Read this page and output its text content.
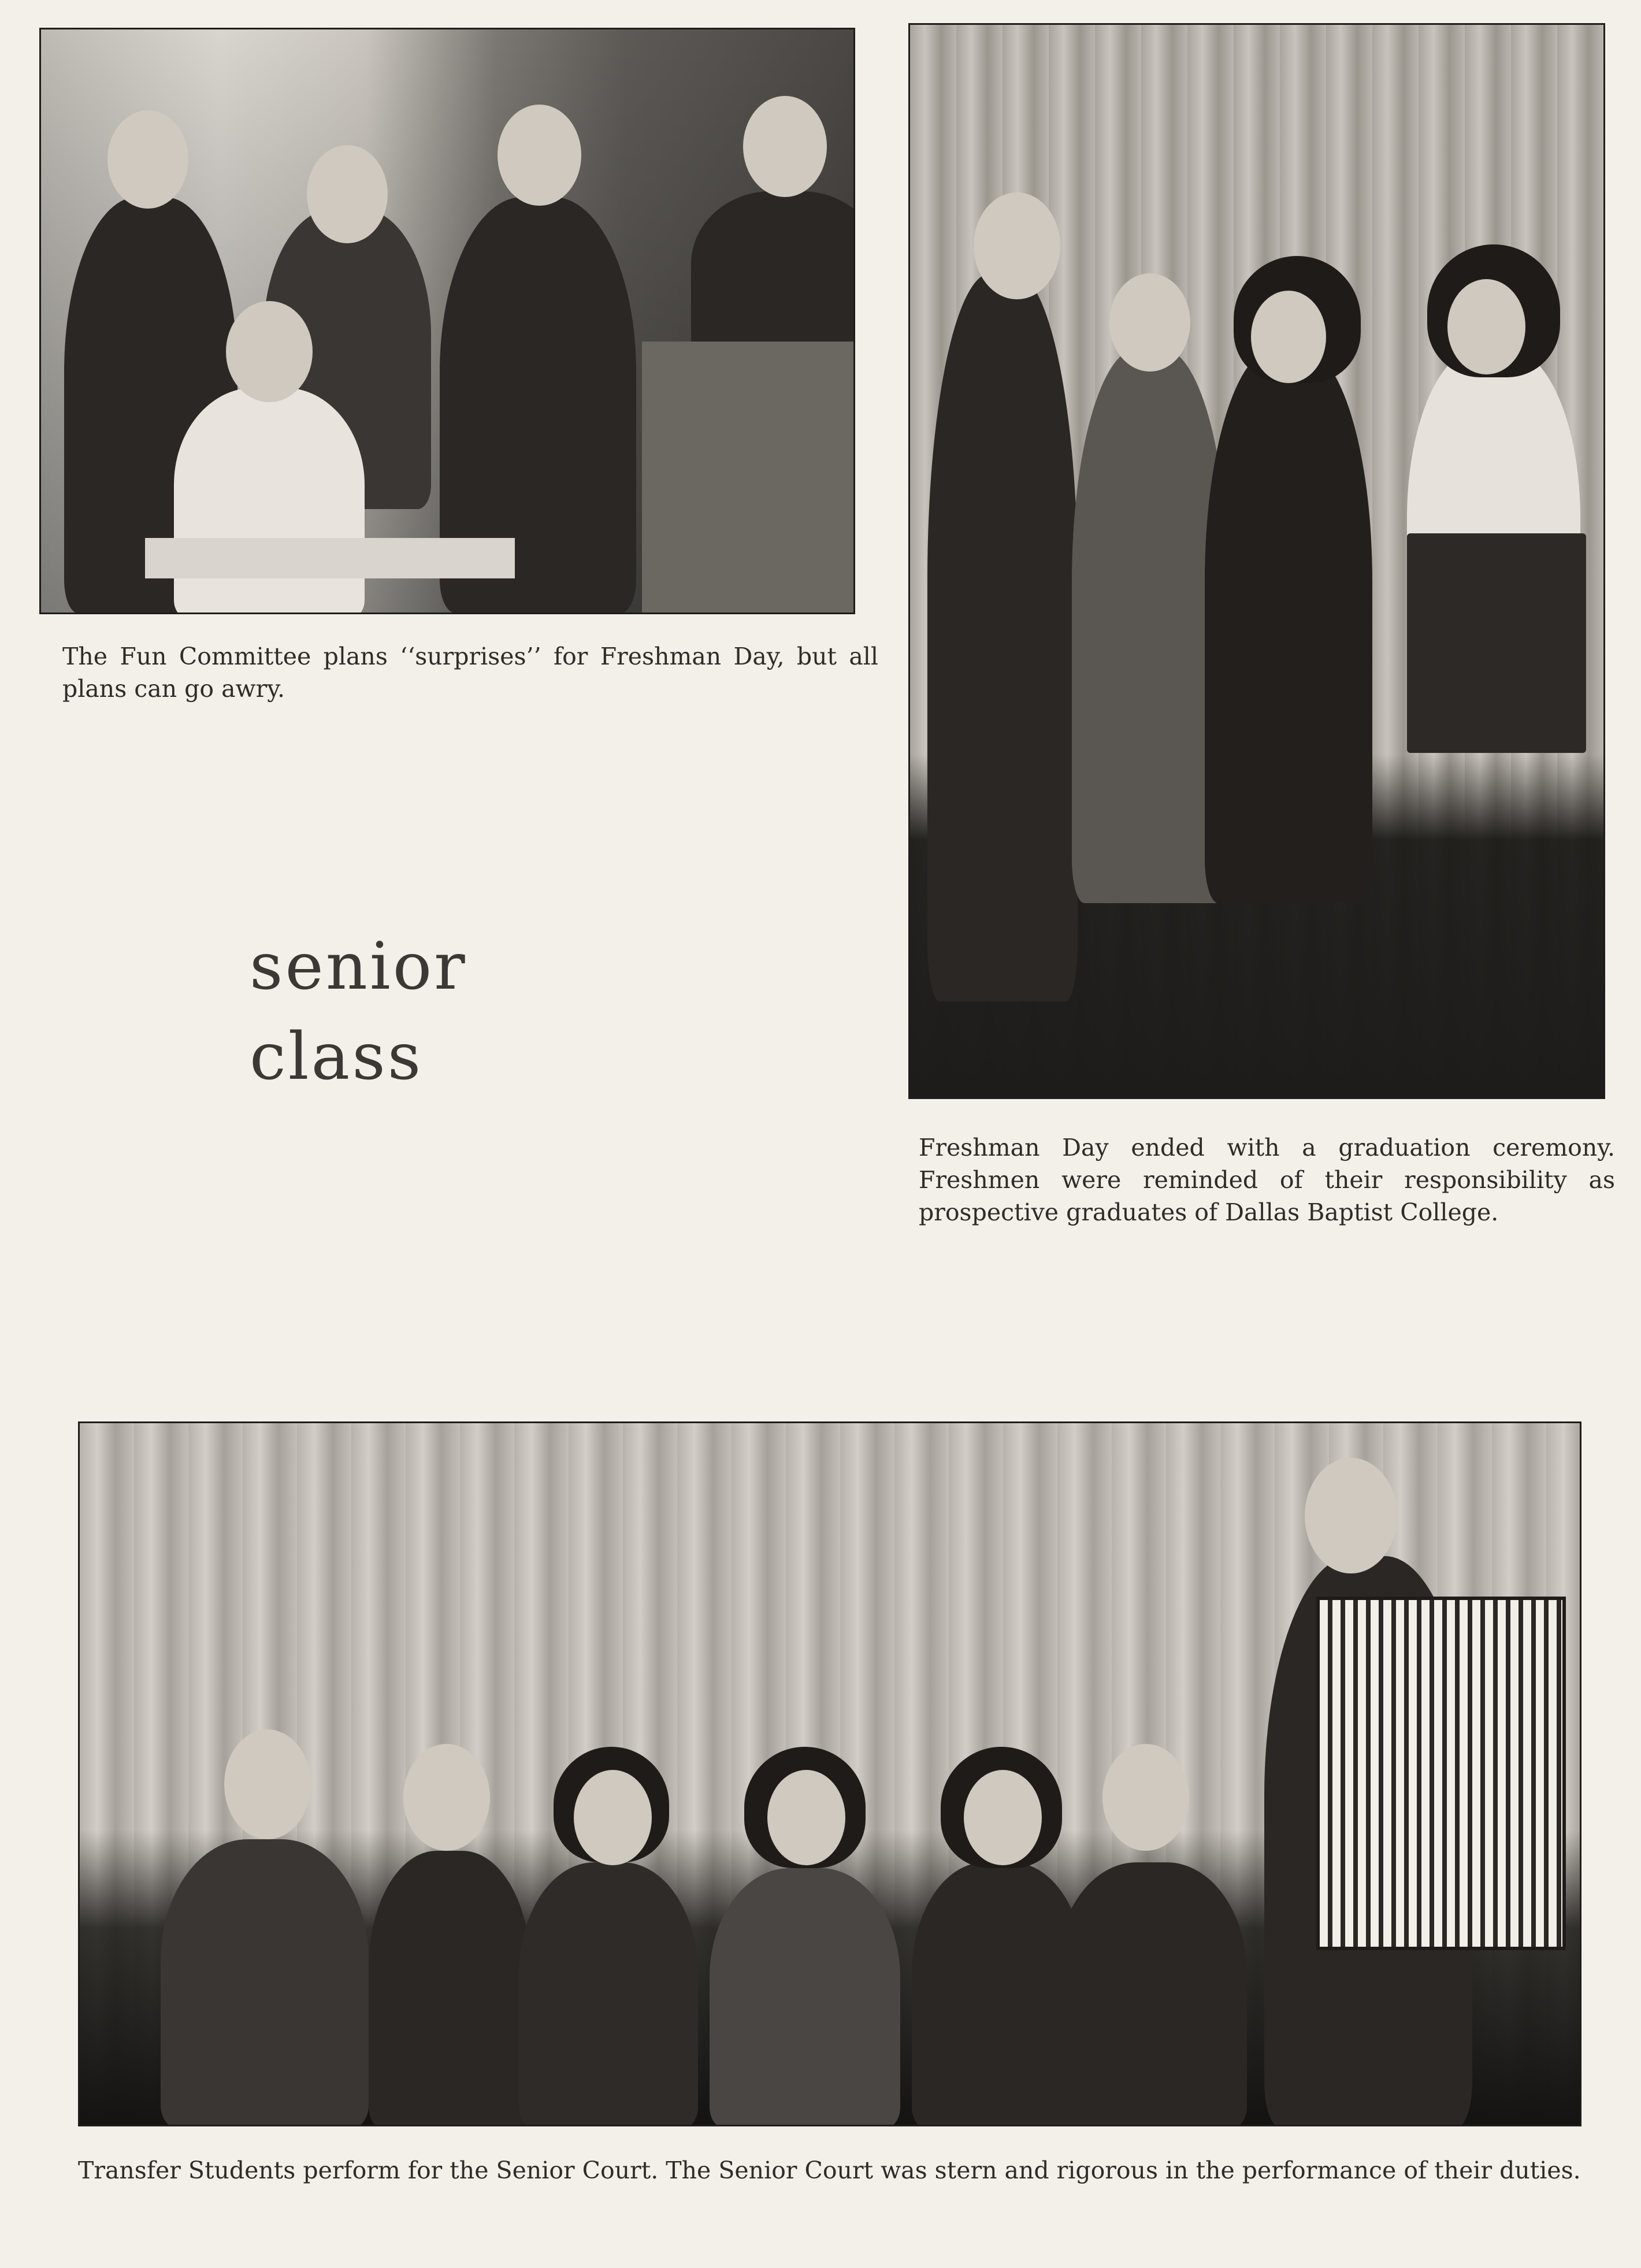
The Fun Committee plans ‘‘surprises’’ for Freshman Day, but all plans can go awry.

senior

class

Freshman Day ended with a graduation ceremony. Freshmen were reminded of their responsibility as prospective graduates of Dallas Baptist College.

Transfer Students perform for the Senior Court. The Senior Court was stern and rigorous in the performance of their duties.
